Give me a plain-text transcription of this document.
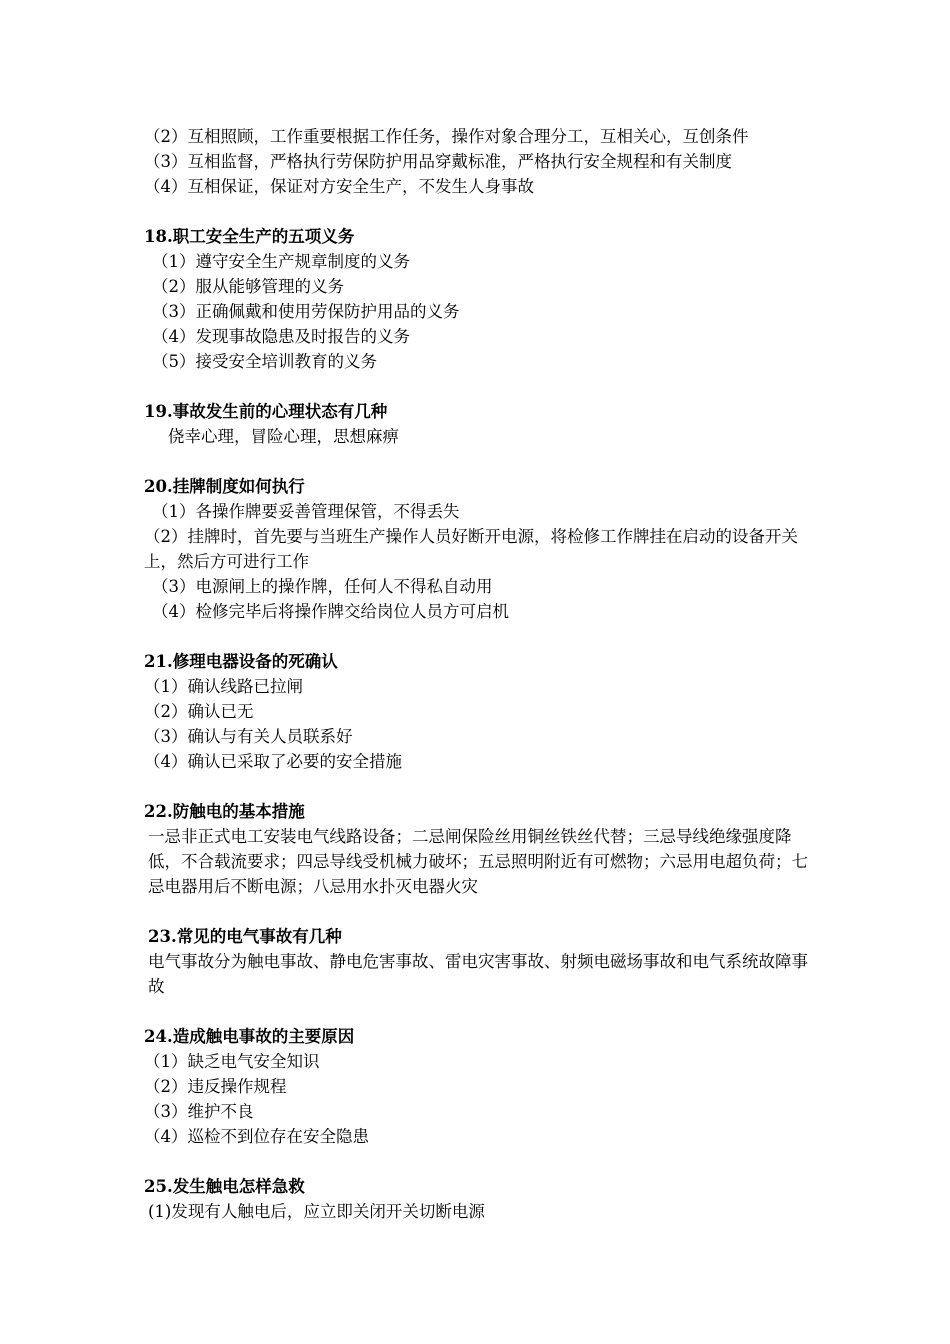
（2）互相照顾，工作重要根据工作任务，操作对象合理分工，互相关心，互创条件
（3）互相监督，严格执行劳保防护用品穿戴标准，严格执行安全规程和有关制度
（4）互相保证，保证对方安全生产，不发生人身事故
18.职工安全生产的五项义务
（1）遵守安全生产规章制度的义务
（2）服从能够管理的义务
（3）正确佩戴和使用劳保防护用品的义务
（4）发现事故隐患及时报告的义务
（5）接受安全培训教育的义务
19.事故发生前的心理状态有几种
侥幸心理，冒险心理，思想麻痹
20.挂牌制度如何执行
（1）各操作牌要妥善管理保管，不得丢失
（2）挂牌时，首先要与当班生产操作人员好断开电源，将检修工作牌挂在启动的设备开关上，然后方可进行工作
（3）电源闸上的操作牌，任何人不得私自动用
（4）检修完毕后将操作牌交给岗位人员方可启机
21.修理电器设备的死确认
（1）确认线路已拉闸
（2）确认已无
（3）确认与有关人员联系好
（4）确认已采取了必要的安全措施
22.防触电的基本措施
一忌非正式电工安装电气线路设备；二忌闸保险丝用铜丝铁丝代替；三忌导线绝缘强度降低，不合载流要求；四忌导线受机械力破坏；五忌照明附近有可燃物；六忌用电超负荷；七忌电器用后不断电源；八忌用水扑灭电器火灾
23.常见的电气事故有几种
电气事故分为触电事故、静电危害事故、雷电灾害事故、射频电磁场事故和电气系统故障事故
24.造成触电事故的主要原因
（1）缺乏电气安全知识
（2）违反操作规程
（3）维护不良
（4）巡检不到位存在安全隐患
25.发生触电怎样急救
(1)发现有人触电后，应立即关闭开关切断电源
